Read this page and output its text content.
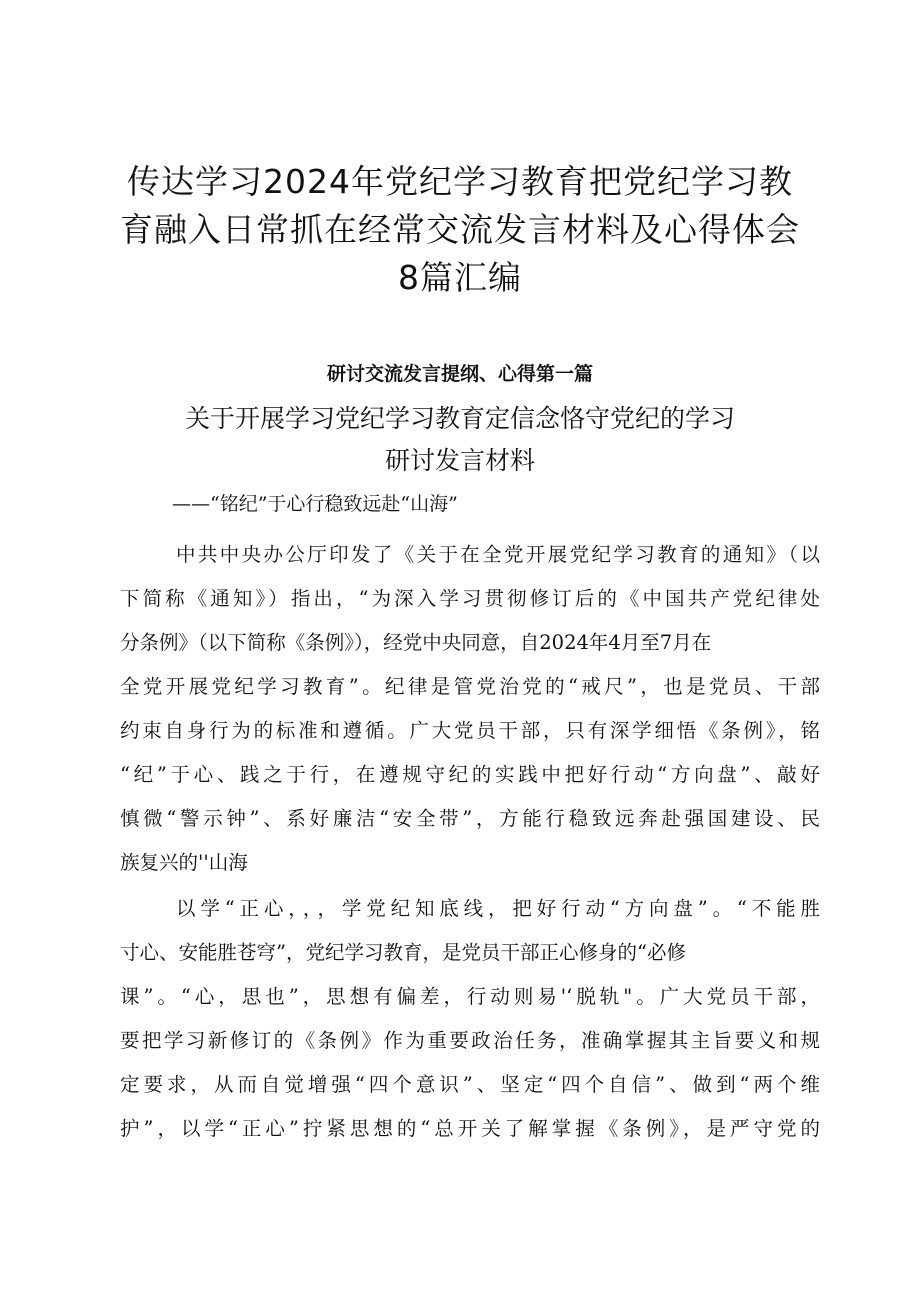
传达学习2024年党纪学习教育把党纪学习教
育融入日常抓在经常交流发言材料及心得体会
8篇汇编
研讨交流发言提纲、心得第一篇
关于开展学习党纪学习教育定信念恪守党纪的学习
研讨发言材料
——“铭纪”于心行稳致远赴“山海”
中共中央办公厅印发了《关于在全党开展党纪学习教育的通知》（以
下简称《通知》）指出，“为深入学习贯彻修订后的《中国共产党纪律处
分条例》（以下简称《条例》），经党中央同意，自2024年4月至7月在
全党开展党纪学习教育”。纪律是管党治党的“戒尺”，也是党员、干部
约束自身行为的标准和遵循。广大党员干部，只有深学细悟《条例》，铭
“纪”于心、践之于行，在遵规守纪的实践中把好行动“方向盘”、敲好
慎微“警示钟”、系好廉洁“安全带”，方能行稳致远奔赴强国建设、民
族复兴的''山海
以学“正心，，，学党纪知底线，把好行动“方向盘”。“不能胜
寸心、安能胜苍穹”，党纪学习教育，是党员干部正心修身的“必修
课”。“心，思也”，思想有偏差，行动则易'‘脱轨"。广大党员干部，
要把学习新修订的《条例》作为重要政治任务，准确掌握其主旨要义和规
定要求，从而自觉增强“四个意识”、坚定“四个自信”、做到“两个维
护”，以学“正心”拧紧思想的“总开关了解掌握《条例》，是严守党的
